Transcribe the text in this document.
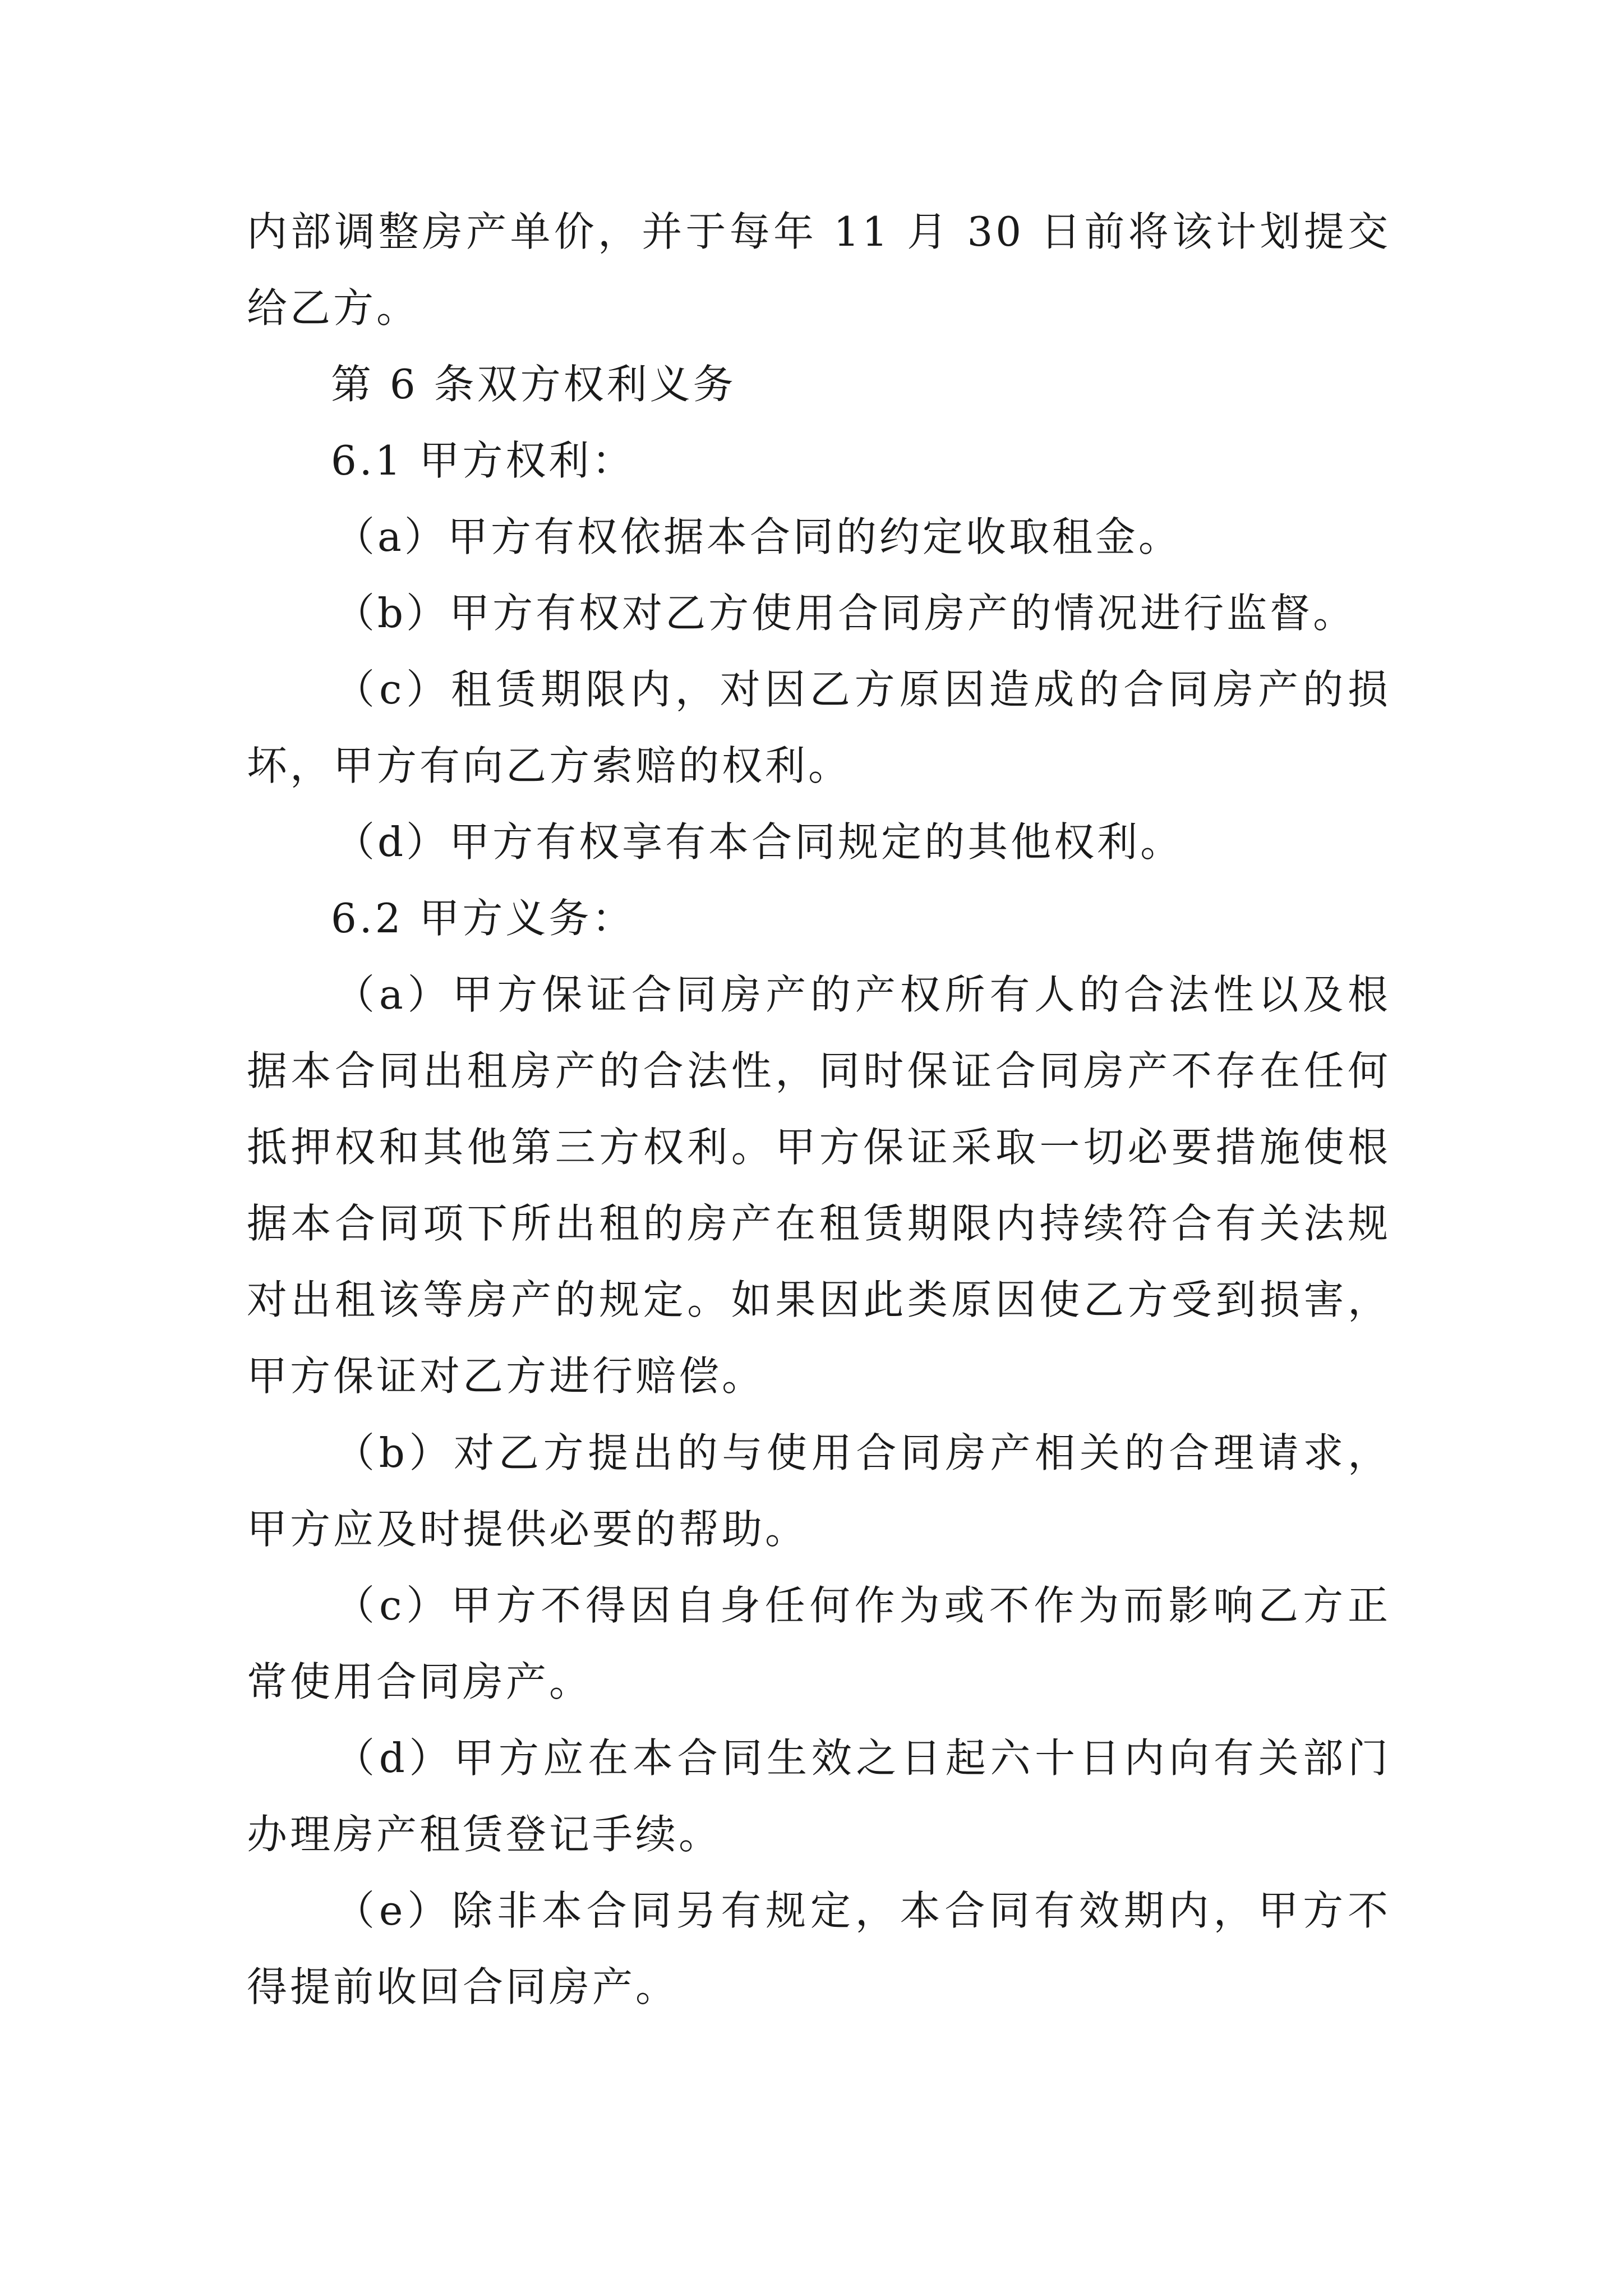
内部调整房产单价，并于每年 11 月 30 日前将该计划提交给乙方。

第 6 条双方权利义务

6.1 甲方权利：

（a）甲方有权依据本合同的约定收取租金。

（b）甲方有权对乙方使用合同房产的情况进行监督。

（c）租赁期限内，对因乙方原因造成的合同房产的损坏，甲方有向乙方索赔的权利。

（d）甲方有权享有本合同规定的其他权利。

6.2 甲方义务：

（a）甲方保证合同房产的产权所有人的合法性以及根据本合同出租房产的合法性，同时保证合同房产不存在任何抵押权和其他第三方权利。甲方保证采取一切必要措施使根据本合同项下所出租的房产在租赁期限内持续符合有关法规对出租该等房产的规定。如果因此类原因使乙方受到损害，甲方保证对乙方进行赔偿。

（b）对乙方提出的与使用合同房产相关的合理请求，甲方应及时提供必要的帮助。

（c）甲方不得因自身任何作为或不作为而影响乙方正常使用合同房产。

（d）甲方应在本合同生效之日起六十日内向有关部门办理房产租赁登记手续。

（e）除非本合同另有规定，本合同有效期内，甲方不得提前收回合同房产。
